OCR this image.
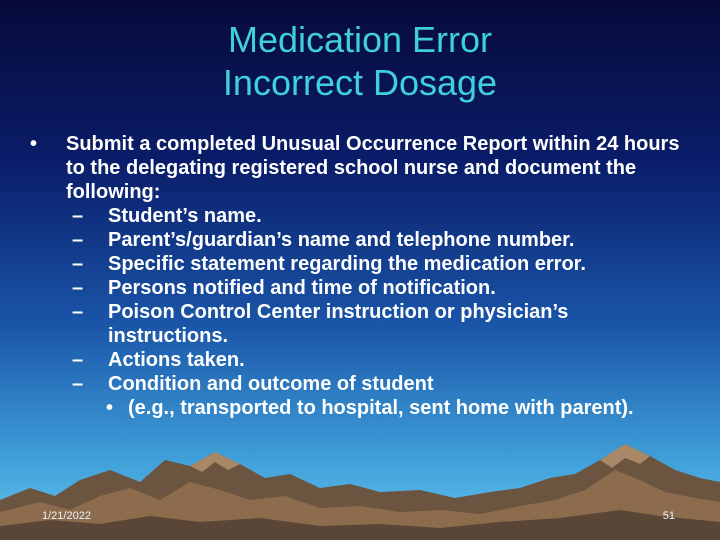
Medication Error
Incorrect Dosage
• Submit a completed Unusual Occurrence Report within 24 hours to the delegating registered school nurse and document the following:
– Student’s name.
– Parent’s/guardian’s name and telephone number.
– Specific statement regarding the medication error.
– Persons notified and time of notification.
– Poison Control Center instruction or physician’s instructions.
– Actions taken.
– Condition and outcome of student
• (e.g., transported to hospital, sent home with parent).
1/21/2022	51
